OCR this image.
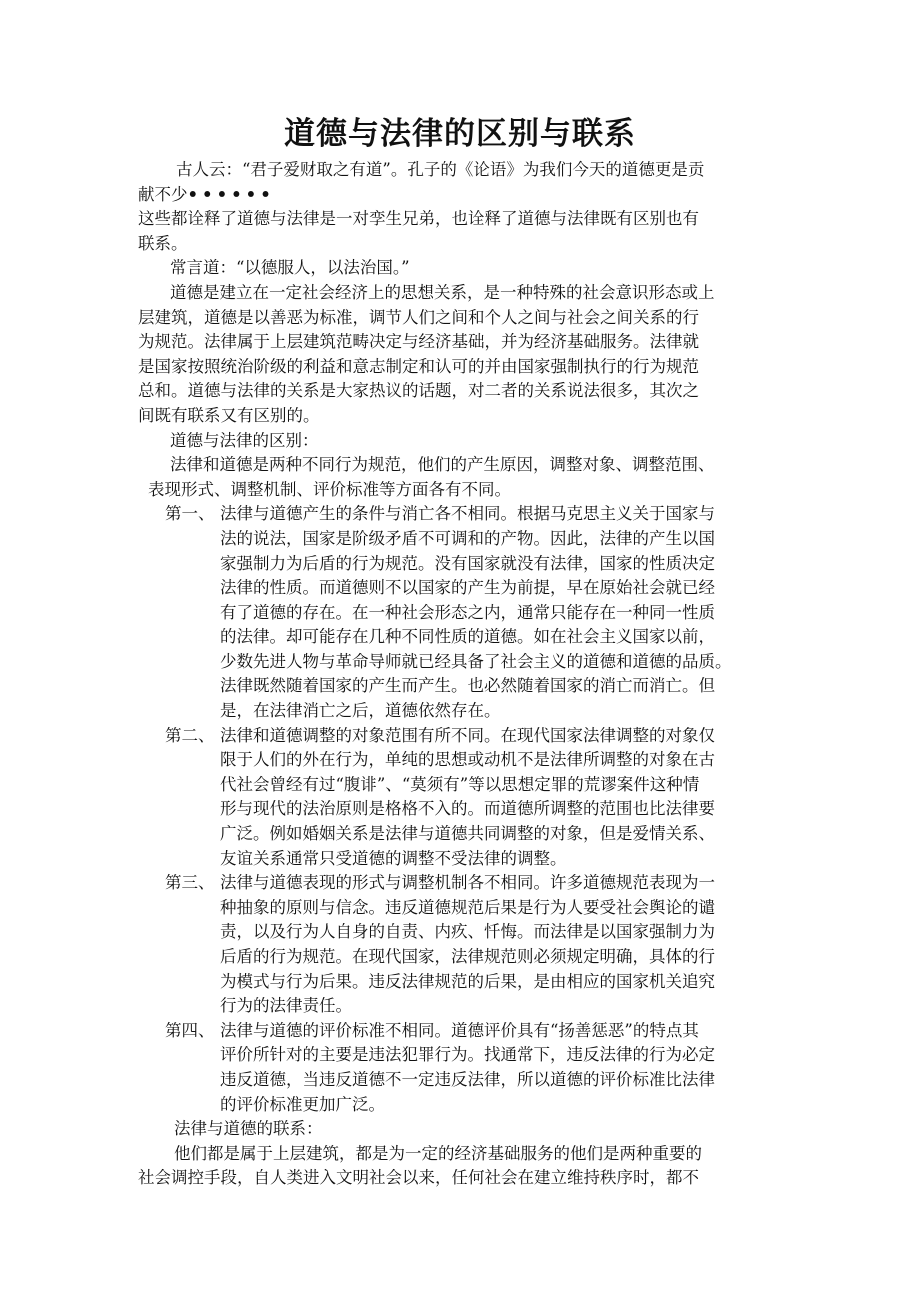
道德与法律的区别与联系

古人云：“君子爱财取之有道”。孔子的《论语》为我们今天的道德更是贡

献不少••••••

这些都诠释了道德与法律是一对孪生兄弟，也诠释了道德与法律既有区别也有

联系。

常言道：“以德服人，以法治国。”

道德是建立在一定社会经济上的思想关系，是一种特殊的社会意识形态或上

层建筑，道德是以善恶为标准，调节人们之间和个人之间与社会之间关系的行

为规范。法律属于上层建筑范畴决定与经济基础，并为经济基础服务。法律就

是国家按照统治阶级的利益和意志制定和认可的并由国家强制执行的行为规范

总和。道德与法律的关系是大家热议的话题，对二者的关系说法很多，其次之

间既有联系又有区别的。

道德与法律的区别：

法律和道德是两种不同行为规范，他们的产生原因，调整对象、调整范围、

表现形式、调整机制、评价标准等方面各有不同。

第一、 法律与道德产生的条件与消亡各不相同。根据马克思主义关于国家与
法的说法，国家是阶级矛盾不可调和的产物。因此，法律的产生以国
家强制力为后盾的行为规范。没有国家就没有法律，国家的性质决定
法律的性质。而道德则不以国家的产生为前提，早在原始社会就已经
有了道德的存在。在一种社会形态之内，通常只能存在一种同一性质
的法律。却可能存在几种不同性质的道德。如在社会主义国家以前，
少数先进人物与革命导师就已经具备了社会主义的道德和道德的品质。
法律既然随着国家的产生而产生。也必然随着国家的消亡而消亡。但
是，在法律消亡之后，道德依然存在。
第二、 法律和道德调整的对象范围有所不同。在现代国家法律调整的对象仅
限于人们的外在行为，单纯的思想或动机不是法律所调整的对象在古
代社会曾经有过“腹诽”、“莫须有”等以思想定罪的荒谬案件这种情
形与现代的法治原则是格格不入的。而道德所调整的范围也比法律要
广泛。例如婚姻关系是法律与道德共同调整的对象，但是爱情关系、
友谊关系通常只受道德的调整不受法律的调整。
第三、 法律与道德表现的形式与调整机制各不相同。许多道德规范表现为一
种抽象的原则与信念。违反道德规范后果是行为人要受社会舆论的谴
责，以及行为人自身的自责、内疚、忏悔。而法律是以国家强制力为
后盾的行为规范。在现代国家，法律规范则必须规定明确，具体的行
为模式与行为后果。违反法律规范的后果，是由相应的国家机关追究
行为的法律责任。
第四、 法律与道德的评价标准不相同。道德评价具有“扬善惩恶”的特点其
评价所针对的主要是违法犯罪行为。找通常下，违反法律的行为必定
违反道德，当违反道德不一定违反法律，所以道德的评价标准比法律
的评价标准更加广泛。

法律与道德的联系：

他们都是属于上层建筑，都是为一定的经济基础服务的他们是两种重要的

社会调控手段，自人类进入文明社会以来，任何社会在建立维持秩序时，都不
